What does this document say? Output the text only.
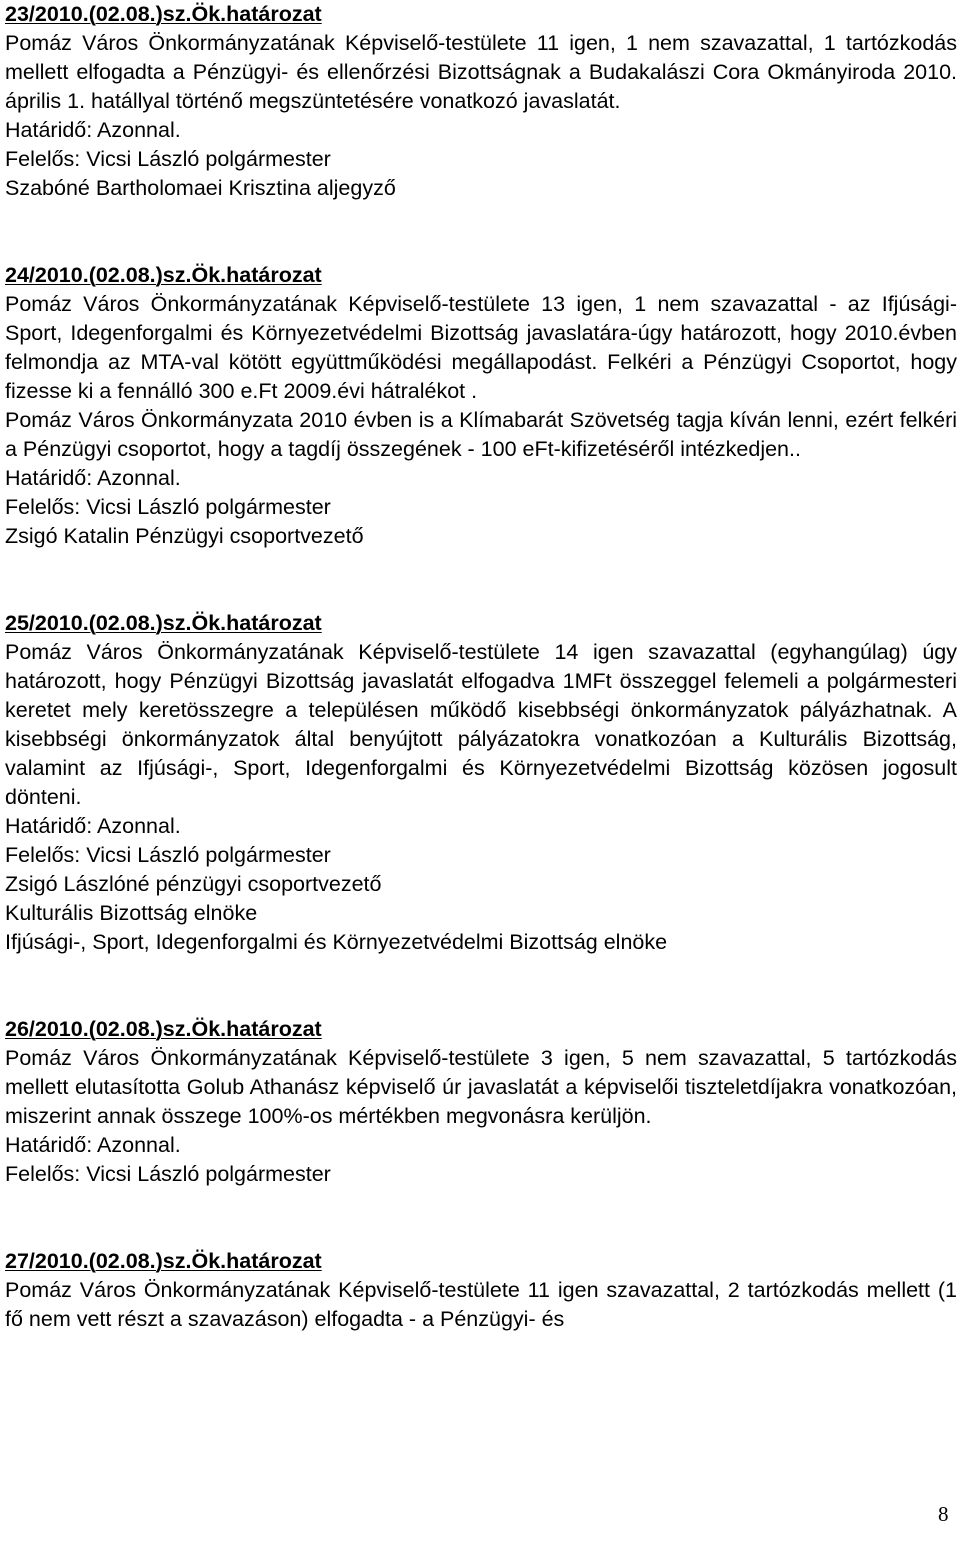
23/2010.(02.08.)sz.Ök.határozat
Pomáz Város Önkormányzatának Képviselő-testülete 11 igen, 1 nem szavazattal, 1 tartózkodás mellett elfogadta a Pénzügyi- és ellenőrzési Bizottságnak a Budakalászi Cora Okmányiroda 2010. április 1. hatállyal történő megszüntetésére vonatkozó javaslatát.
Határidő: Azonnal.
Felelős: Vicsi László polgármester
Szabóné Bartholomaei Krisztina aljegyző
24/2010.(02.08.)sz.Ök.határozat
Pomáz Város Önkormányzatának Képviselő-testülete 13 igen, 1 nem szavazattal - az Ifjúsági- Sport, Idegenforgalmi és Környezetvédelmi Bizottság javaslatára-úgy határozott, hogy 2010.évben felmondja az MTA-val kötött együttműködési megállapodást. Felkéri a Pénzügyi Csoportot, hogy fizesse ki a fennálló 300 e.Ft 2009.évi hátralékot .
Pomáz Város Önkormányzata 2010 évben is a Klímabarát Szövetség tagja kíván lenni, ezért felkéri a Pénzügyi csoportot, hogy a tagdíj összegének - 100 eFt-kifizetéséről intézkedjen..
Határidő: Azonnal.
Felelős: Vicsi László polgármester
Zsigó Katalin Pénzügyi csoportvezető
25/2010.(02.08.)sz.Ök.határozat
Pomáz Város Önkormányzatának Képviselő-testülete 14 igen szavazattal (egyhangúlag) úgy határozott, hogy Pénzügyi Bizottság javaslatát elfogadva 1MFt összeggel felemeli a polgármesteri keretet mely keretösszegre a településen működő kisebbségi önkormányzatok pályázhatnak. A kisebbségi önkormányzatok által benyújtott pályázatokra vonatkozóan a Kulturális Bizottság, valamint az Ifjúsági-, Sport, Idegenforgalmi és Környezetvédelmi Bizottság közösen jogosult dönteni.
Határidő: Azonnal.
Felelős: Vicsi László polgármester
Zsigó Lászlóné pénzügyi csoportvezető
Kulturális Bizottság elnöke
Ifjúsági-, Sport, Idegenforgalmi és Környezetvédelmi Bizottság elnöke
26/2010.(02.08.)sz.Ök.határozat
Pomáz Város Önkormányzatának Képviselő-testülete 3 igen, 5 nem szavazattal, 5 tartózkodás mellett elutasította Golub Athanász képviselő úr javaslatát a képviselői tiszteletdíjakra vonatkozóan, miszerint annak összege 100%-os mértékben megvonásra kerüljön.
Határidő: Azonnal.
Felelős: Vicsi László polgármester
27/2010.(02.08.)sz.Ök.határozat
Pomáz Város Önkormányzatának Képviselő-testülete 11 igen szavazattal, 2 tartózkodás mellett (1 fő nem vett részt a szavazáson) elfogadta - a Pénzügyi- és
8
